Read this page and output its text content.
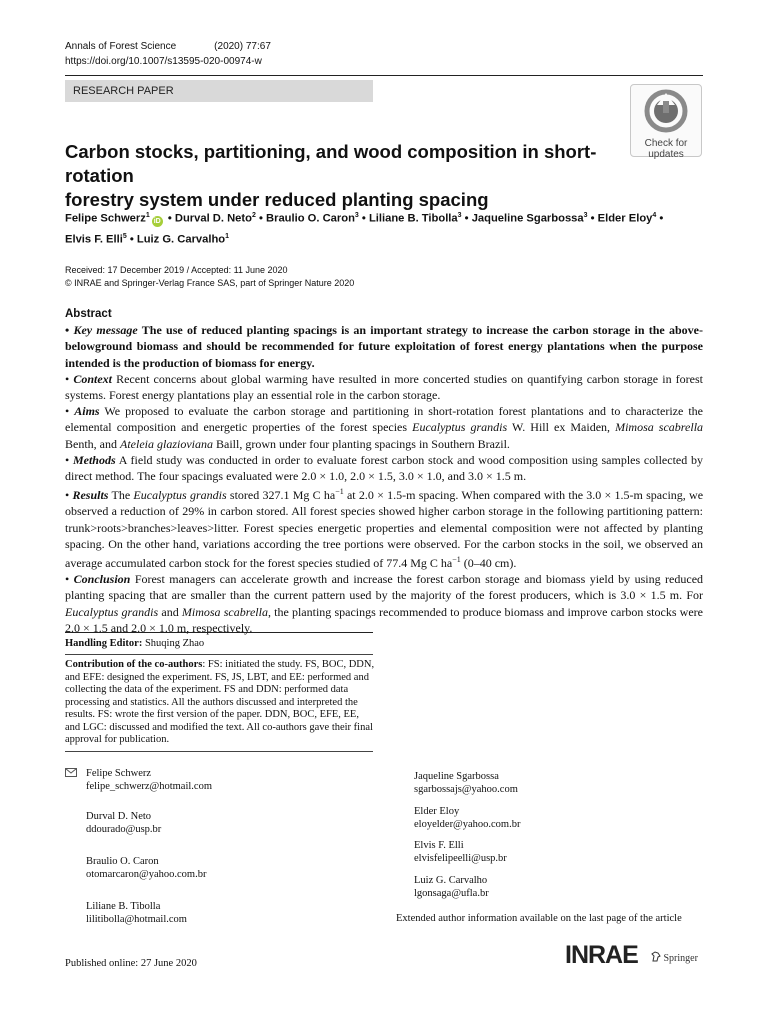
Annals of Forest Science	(2020) 77:67
https://doi.org/10.1007/s13595-020-00974-w
RESEARCH PAPER
Check for
updates
Carbon stocks, partitioning, and wood composition in short-rotation
forestry system under reduced planting spacing
Felipe Schwerz$^1$iD • Durval D. Neto$^2$ • Braulio O. Caron$^3$ • Liliane B. Tibolla$^3$ • Jaqueline Sgarbossa$^3$ • Elder Eloy$^4$ •
Elvis F. Elli$^5$ • Luiz G. Carvalho$^1$
Received: 17 December 2019 / Accepted: 11 June 2020
© INRAE and Springer-Verlag France SAS, part of Springer Nature 2020
Abstract

• Key message The use of reduced planting spacings is an important strategy to increase the carbon storage in the above-belowground biomass and should be recommended for future exploitation of forest energy plantations when the purpose intended is the production of biomass for energy.

• Context Recent concerns about global warming have resulted in more concerted studies on quantifying carbon storage in forest systems. Forest energy plantations play an essential role in the carbon storage.

• Aims We proposed to evaluate the carbon storage and partitioning in short-rotation forest plantations and to characterize the elemental composition and energetic properties of the forest species Eucalyptus grandis W. Hill ex Maiden, Mimosa scabrella Benth, and Ateleia glazioviana Baill, grown under four planting spacings in Southern Brazil.

• Methods A field study was conducted in order to evaluate forest carbon stock and wood composition using samples collected by direct method. The four spacings evaluated were 2.0 × 1.0, 2.0 × 1.5, 3.0 × 1.0, and 3.0 × 1.5 m.

• Results The Eucalyptus grandis stored 327.1 Mg C $ha^{-1}$ at 2.0 × 1.5-m spacing. When compared with the 3.0 × 1.5-m spacing, we observed a reduction of 29% in carbon stored. All forest species showed higher carbon storage in the following partitioning pattern: trunk>roots>branches>leaves>litter. Forest species energetic properties and elemental composition were not affected by planting spacing. On the other hand, variations according the tree portions were observed. For the carbon stocks in the soil, we observed an average accumulated carbon stock for the forest species studied of 77.4 Mg C $ha^{-1}$ (0–40 cm).

• Conclusion Forest managers can accelerate growth and increase the forest carbon storage and biomass yield by using reduced planting spacing that are smaller than the current pattern used by the majority of the forest producers, which is 3.0 × 1.5 m. For Eucalyptus grandis and Mimosa scabrella, the planting spacings recommended to produce biomass and improve carbon stocks were 2.0 × 1.5 and 2.0 × 1.0 m, respectively.

Handling Editor: Shuqing Zhao
Contribution of the co-authors: FS: initiated the study. FS, BOC, DDN, and EFE: designed the experiment. FS, JS, LBT, and EE: performed and collecting the data of the experiment. FS and DDN: performed data processing and statistics. All the authors discussed and interpreted the results. FS: wrote the first version of the paper. DDN, BOC, EFE, EE, and LGC: discussed and modified the text. All co-authors gave their final approval for publication.
Felipe Schwerz
felipe_schwerz@hotmail.com
Durval D. Neto
ddourado@usp.br
Braulio O. Caron
otomarcaron@yahoo.com.br
Liliane B. Tibolla
lilitibolla@hotmail.com
Jaqueline Sgarbossa
sgarbossajs@yahoo.com
Elder Eloy
eloyelder@yahoo.com.br
Elvis F. Elli
elvisfelipeelli@usp.br
Luiz G. Carvalho
lgonsaga@ufla.br
Extended author information available on the last page of the article
Published online: 27 June 2020	INRAE	Springer
